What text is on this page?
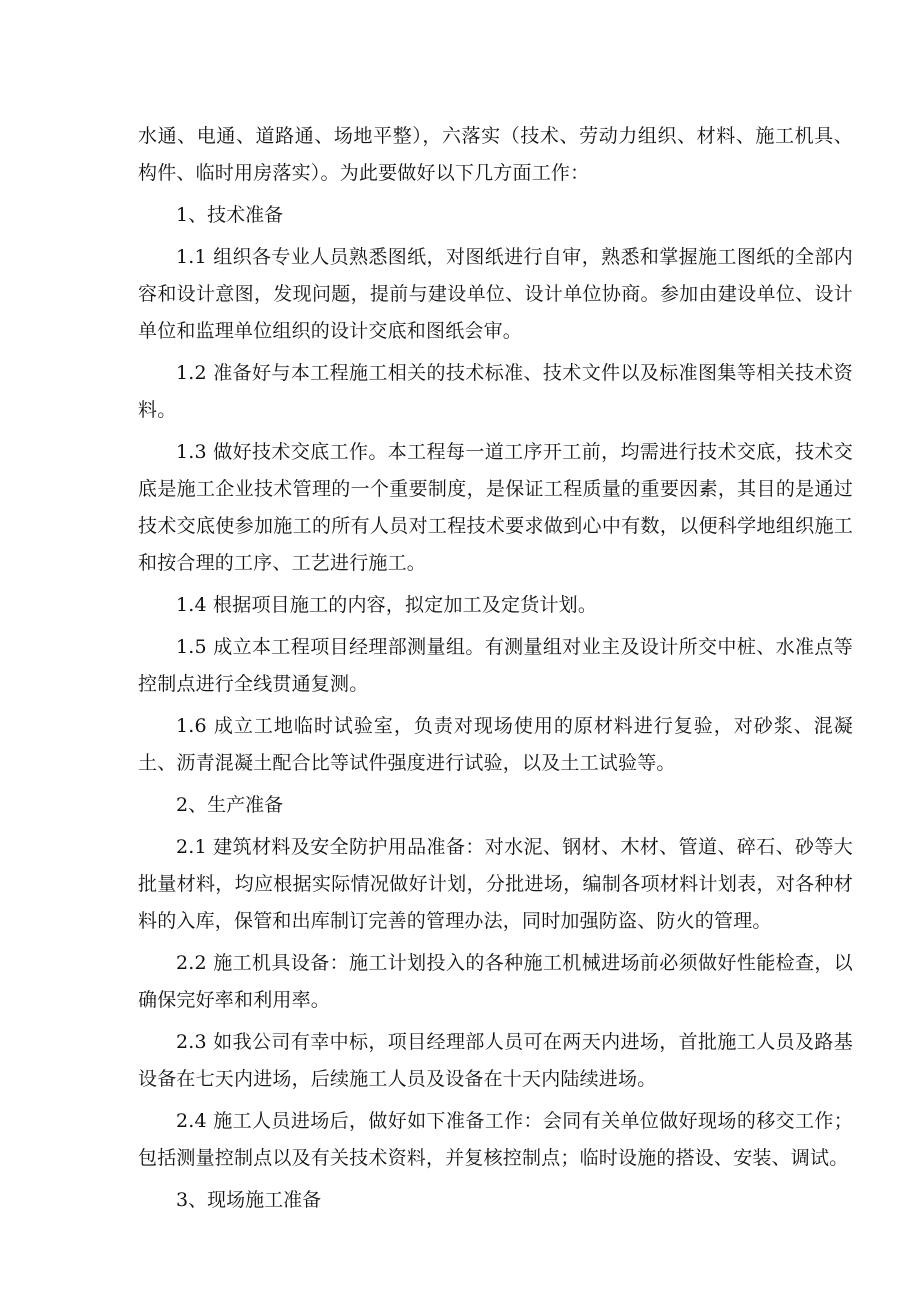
水通、电通、道路通、场地平整），六落实（技术、劳动力组织、材料、施工机具、构件、临时用房落实）。为此要做好以下几方面工作：

1、技术准备

1.1 组织各专业人员熟悉图纸，对图纸进行自审，熟悉和掌握施工图纸的全部内容和设计意图，发现问题，提前与建设单位、设计单位协商。参加由建设单位、设计单位和监理单位组织的设计交底和图纸会审。

1.2 准备好与本工程施工相关的技术标准、技术文件以及标准图集等相关技术资料。

1.3 做好技术交底工作。本工程每一道工序开工前，均需进行技术交底，技术交底是施工企业技术管理的一个重要制度，是保证工程质量的重要因素，其目的是通过技术交底使参加施工的所有人员对工程技术要求做到心中有数，以便科学地组织施工和按合理的工序、工艺进行施工。

1.4 根据项目施工的内容，拟定加工及定货计划。

1.5 成立本工程项目经理部测量组。有测量组对业主及设计所交中桩、水准点等控制点进行全线贯通复测。

1.6 成立工地临时试验室，负责对现场使用的原材料进行复验，对砂浆、混凝土、沥青混凝土配合比等试件强度进行试验，以及土工试验等。

2、生产准备

2.1 建筑材料及安全防护用品准备：对水泥、钢材、木材、管道、碎石、砂等大批量材料，均应根据实际情况做好计划，分批进场，编制各项材料计划表，对各种材料的入库，保管和出库制订完善的管理办法，同时加强防盗、防火的管理。

2.2 施工机具设备：施工计划投入的各种施工机械进场前必须做好性能检查，以确保完好率和利用率。

2.3 如我公司有幸中标，项目经理部人员可在两天内进场，首批施工人员及路基设备在七天内进场，后续施工人员及设备在十天内陆续进场。

2.4 施工人员进场后，做好如下准备工作：会同有关单位做好现场的移交工作；包括测量控制点以及有关技术资料，并复核控制点；临时设施的搭设、安装、调试。

3、现场施工准备
